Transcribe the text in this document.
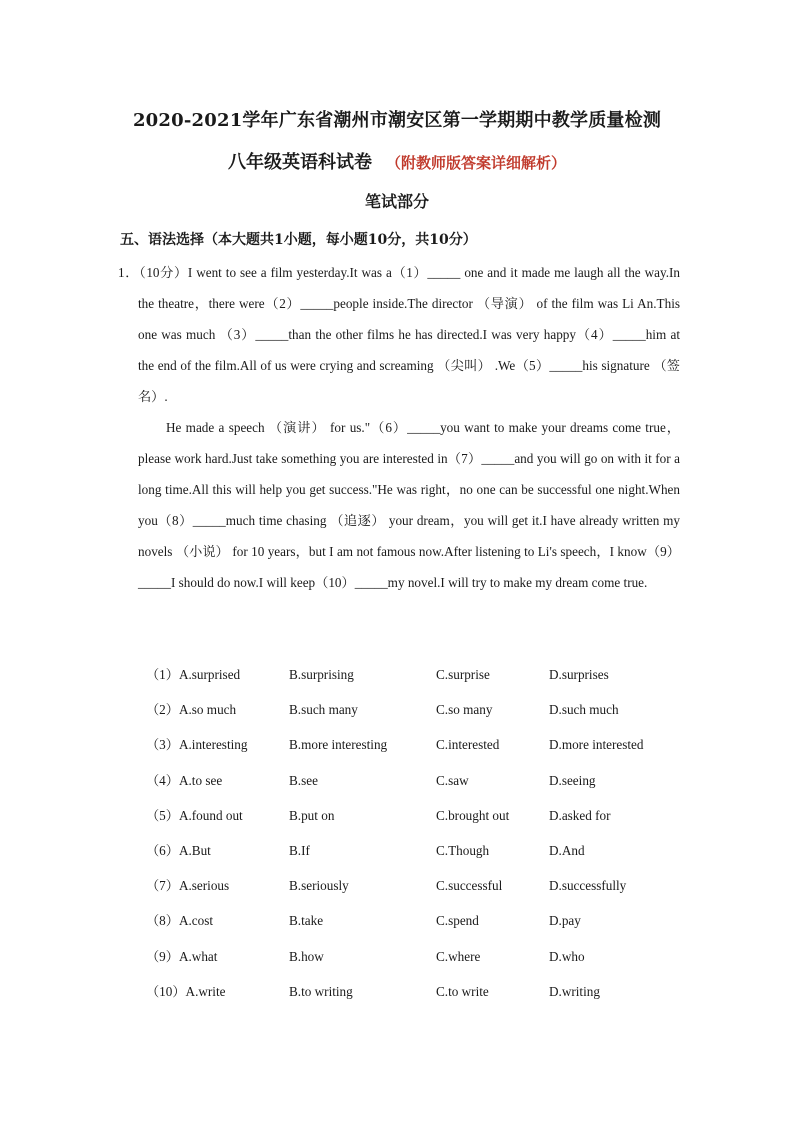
2020-2021学年广东省潮州市潮安区第一学期期中教学质量检测
八年级英语科试卷 （附教师版答案详细解析）
笔试部分
五、语法选择（本大题共1小题，每小题10分，共10分）

1．（10分）I went to see a film yesterday.It was a（1）_____ one and it made me laugh all the way.In the theatre，there were（2）_____people inside.The director （导演） of the film was Li An.This one was much （3）_____than the other films he has directed.I was very happy（4）_____him at the end of the film.All of us were crying and screaming （尖叫） .We（5）_____his signature （签名）.

He made a speech （演讲） for us."（6）_____you want to make your dreams come true，please work hard.Just take something you are interested in（7）_____and you will go on with it for a long time.All this will help you get success."He was right，no one can be successful one night.When you（8）_____much time chasing （追逐） your dream，you will get it.I have already written my novels （小说） for 10 years，but I am not famous now.After listening to Li's speech，I know（9）_____I should do now.I will keep（10）_____my novel.I will try to make my dream come true.

（1）A.surprised	B.surprising	C.surprise	D.surprises
（2）A.so much	B.such many	C.so many	D.such much
（3）A.interesting	B.more interesting	C.interested	D.more interested
（4）A.to see	B.see	C.saw	D.seeing
（5）A.found out	B.put on	C.brought out	D.asked for
（6）A.But	B.If	C.Though	D.And
（7）A.serious	B.seriously	C.successful	D.successfully
（8）A.cost	B.take	C.spend	D.pay
（9）A.what	B.how	C.where	D.who
（10）A.write	B.to writing	C.to write	D.writing
